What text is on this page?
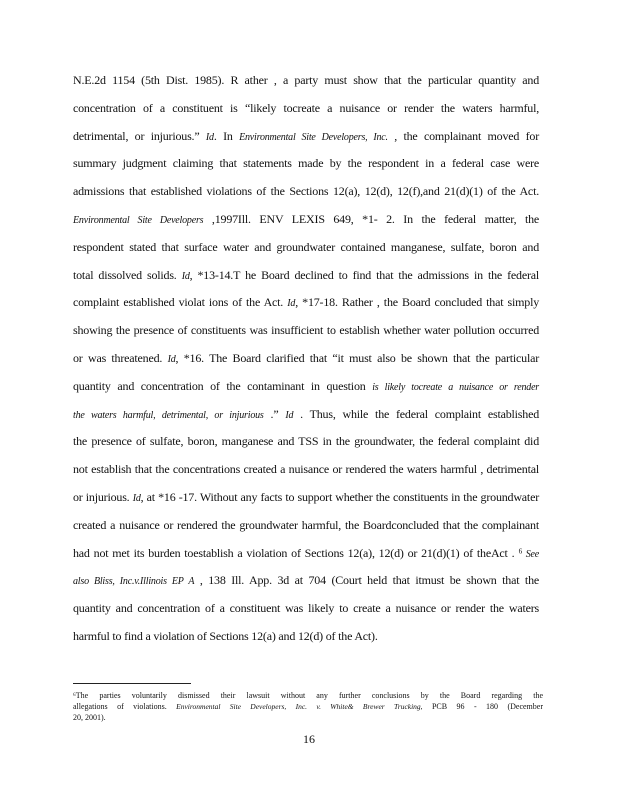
N.E.2d 1154 (5th Dist. 1985). R ather , a party must show that the particular quantity and
concentration of a constituent is “likely tocreate a nuisance or render the waters harmful,
detrimental, or injurious.” Id. In Environmental Site Developers, Inc. , the complainant moved for
summary judgment claiming that statements made by the respondent in a federal case were
admissions that established violations of the Sections 12(a), 12(d), 12(f),and 21(d)(1) of the Act.
Environmental Site Developers ,1997Ill. ENV LEXIS 649, *1- 2. In the federal matter, the
respondent stated that surface water and groundwater contained manganese, sulfate, boron and
total dissolved solids. Id, *13-14.T he Board declined to find that the admissions in the federal
complaint established violat ions of the Act. Id, *17-18. Rather , the Board concluded that simply
showing the presence of constituents was insufficient to establish whether water pollution occurred
or was threatened. Id, *16. The Board clarified that “it must also be shown that the particular
quantity and concentration of the contaminant in question is likely tocreate a nuisance or render
the waters harmful, detrimental, or injurious .” Id . Thus, while the federal complaint established
the presence of sulfate, boron, manganese and TSS in the groundwater, the federal complaint did
not establish that the concentrations created a nuisance or rendered the waters harmful , detrimental
or injurious. Id, at *16 -17. Without any facts to support whether the constituents in the groundwater
created a nuisance or rendered the groundwater harmful, the Boardconcluded that the complainant
had not met its burden toestablish a violation of Sections 12(a), 12(d) or 21(d)(1) of theAct . ⁶ See
also Bliss, Inc.v.Illinois EP A , 138 Ill. App. 3d at 704 (Court held that itmust be shown that the
quantity and concentration of a constituent was likely to create a nuisance or render the waters
harmful to find a violation of Sections 12(a) and 12(d) of the Act).
⁶The parties voluntarily dismissed their lawsuit without any further conclusions by the Board regarding the
allegations of violations. Environmental Site Developers, Inc. v. White& Brewer Trucking, PCB 96 - 180 (December
20, 2001).
16
